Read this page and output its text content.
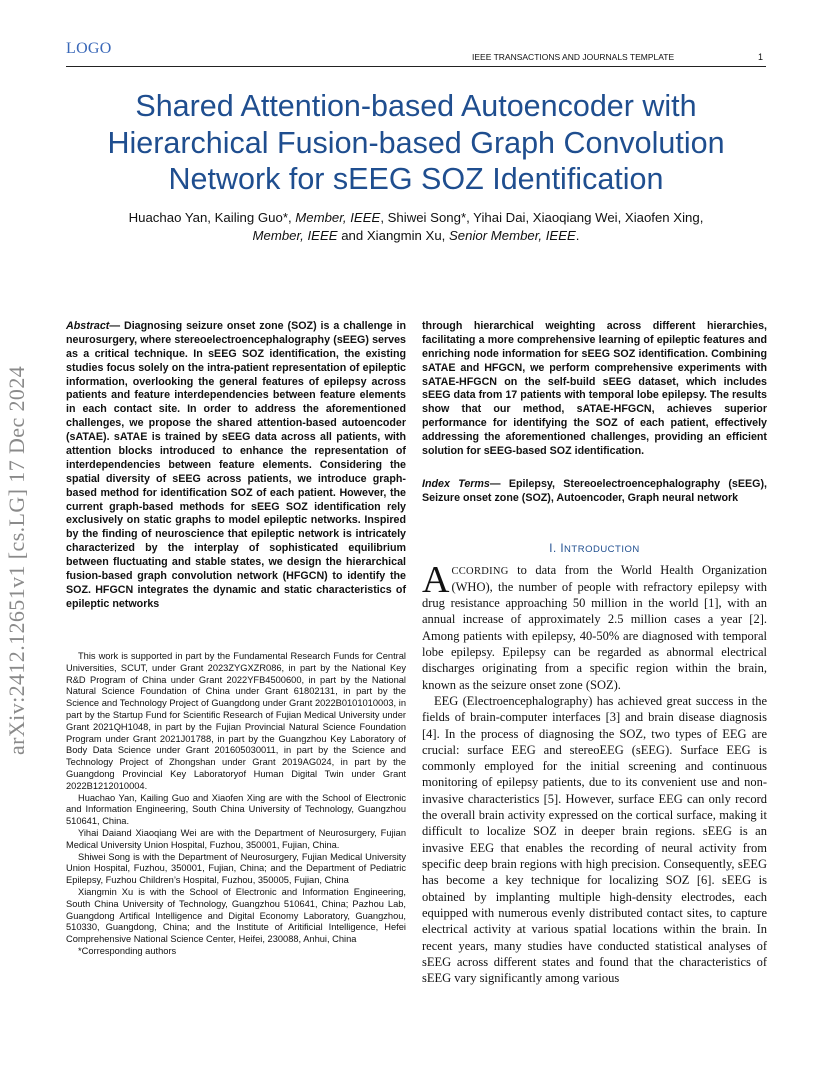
LOGO	IEEE TRANSACTIONS AND JOURNALS TEMPLATE	1
arXiv:2412.12651v1 [cs.LG] 17 Dec 2024
Shared Attention-based Autoencoder with
Hierarchical Fusion-based Graph Convolution
Network for sEEG SOZ Identification
Huachao Yan, Kailing Guo*, Member, IEEE, Shiwei Song*, Yihai Dai, Xiaoqiang Wei, Xiaofen Xing,
Member, IEEE and Xiangmin Xu, Senior Member, IEEE.
Abstract— Diagnosing seizure onset zone (SOZ) is a challenge in neurosurgery, where stereoelectroencephalography (sEEG) serves as a critical technique. In sEEG SOZ identification, the existing studies focus solely on the intra-patient representation of epileptic information, overlooking the general features of epilepsy across patients and feature interdependencies between feature elements in each contact site. In order to address the aforementioned challenges, we propose the shared attention-based autoencoder (sATAE). sATAE is trained by sEEG data across all patients, with attention blocks introduced to enhance the representation of interdependencies between feature elements. Considering the spatial diversity of sEEG across patients, we introduce graph-based method for identification SOZ of each patient. However, the current graph-based methods for sEEG SOZ identification rely exclusively on static graphs to model epileptic networks. Inspired by the finding of neuroscience that epileptic network is intricately characterized by the interplay of sophisticated equilibrium between fluctuating and stable states, we design the hierarchical fusion-based graph convolution network (HFGCN) to identify the SOZ. HFGCN integrates the dynamic and static characteristics of epileptic networks
through hierarchical weighting across different hierarchies, facilitating a more comprehensive learning of epileptic features and enriching node information for sEEG SOZ identification. Combining sATAE and HFGCN, we perform comprehensive experiments with sATAE-HFGCN on the self-build sEEG dataset, which includes sEEG data from 17 patients with temporal lobe epilepsy. The results show that our method, sATAE-HFGCN, achieves superior performance for identifying the SOZ of each patient, effectively addressing the aforementioned challenges, providing an efficient solution for sEEG-based SOZ identification.
Index Terms— Epilepsy, Stereoelectroencephalography (sEEG), Seizure onset zone (SOZ), Autoencoder, Graph neural network

This work is supported in part by the Fundamental Research Funds for Central Universities, SCUT, under Grant 2023ZYGXZR086, in part by the National Key R&D Program of China under Grant 2022YFB4500600, in part by the National Natural Science Foundation of China under Grant 61802131, in part by the Science and Technology Project of Guangdong under Grant 2022B0101010003, in part by the Startup Fund for Scientific Research of Fujian Medical University under Grant 2021QH1048, in part by the Fujian Provincial Natural Science Foundation Program under Grant 2021J01788, in part by the Guangzhou Key Laboratory of Body Data Science under Grant 201605030011, in part by the Science and Technology Project of Zhongshan under Grant 2019AG024, in part by the Guangdong Provincial Key Laboratoryof Human Digital Twin under Grant 2022B1212010004.

Huachao Yan, Kailing Guo and Xiaofen Xing are with the School of Electronic and Information Engineering, South China University of Technology, Guangzhou 510641, China.

Yihai Daiand Xiaoqiang Wei are with the Department of Neurosurgery, Fujian Medical University Union Hospital, Fuzhou, 350001, Fujian, China.

Shiwei Song is with the Department of Neurosurgery, Fujian Medical University Union Hospital, Fuzhou, 350001, Fujian, China; and the Department of Pediatric Epilepsy, Fuzhou Children’s Hospital, Fuzhou, 350005, Fujian, China

Xiangmin Xu is with the School of Electronic and Information Engineering, South China University of Technology, Guangzhou 510641, China; Pazhou Lab, Guangdong Artifical Intelligence and Digital Economy Laboratory, Guangzhou, 510330, Guangdong, China; and the Institute of Aritificial Intelligence, Hefei Comprehensive National Science Center, Heifei, 230088, Anhui, China

*Corresponding authors

I. INTRODUCTION

ACCORDING to data from the World Health Organization (WHO), the number of people with refractory epilepsy with drug resistance approaching 50 million in the world [1], with an annual increase of approximately 2.5 million cases a year [2]. Among patients with epilepsy, 40-50% are diagnosed with temporal lobe epilepsy. Epilepsy can be regarded as abnormal electrical discharges originating from a specific region within the brain, known as the seizure onset zone (SOZ).

EEG (Electroencephalography) has achieved great success in the fields of brain-computer interfaces [3] and brain disease diagnosis [4]. In the process of diagnosing the SOZ, two types of EEG are crucial: surface EEG and stereoEEG (sEEG). Surface EEG is commonly employed for the initial screening and continuous monitoring of epilepsy patients, due to its convenient use and non-invasive characteristics [5]. However, surface EEG can only record the overall brain activity expressed on the cortical surface, making it difficult to localize SOZ in deeper brain regions. sEEG is an invasive EEG that enables the recording of neural activity from specific deep brain regions with high precision. Consequently, sEEG has become a key technique for localizing SOZ [6]. sEEG is obtained by implanting multiple high-density electrodes, each equipped with numerous evenly distributed contact sites, to capture electrical activity at various spatial locations within the brain. In recent years, many studies have conducted statistical analyses of sEEG across different states and found that the characteristics of sEEG vary significantly among various
